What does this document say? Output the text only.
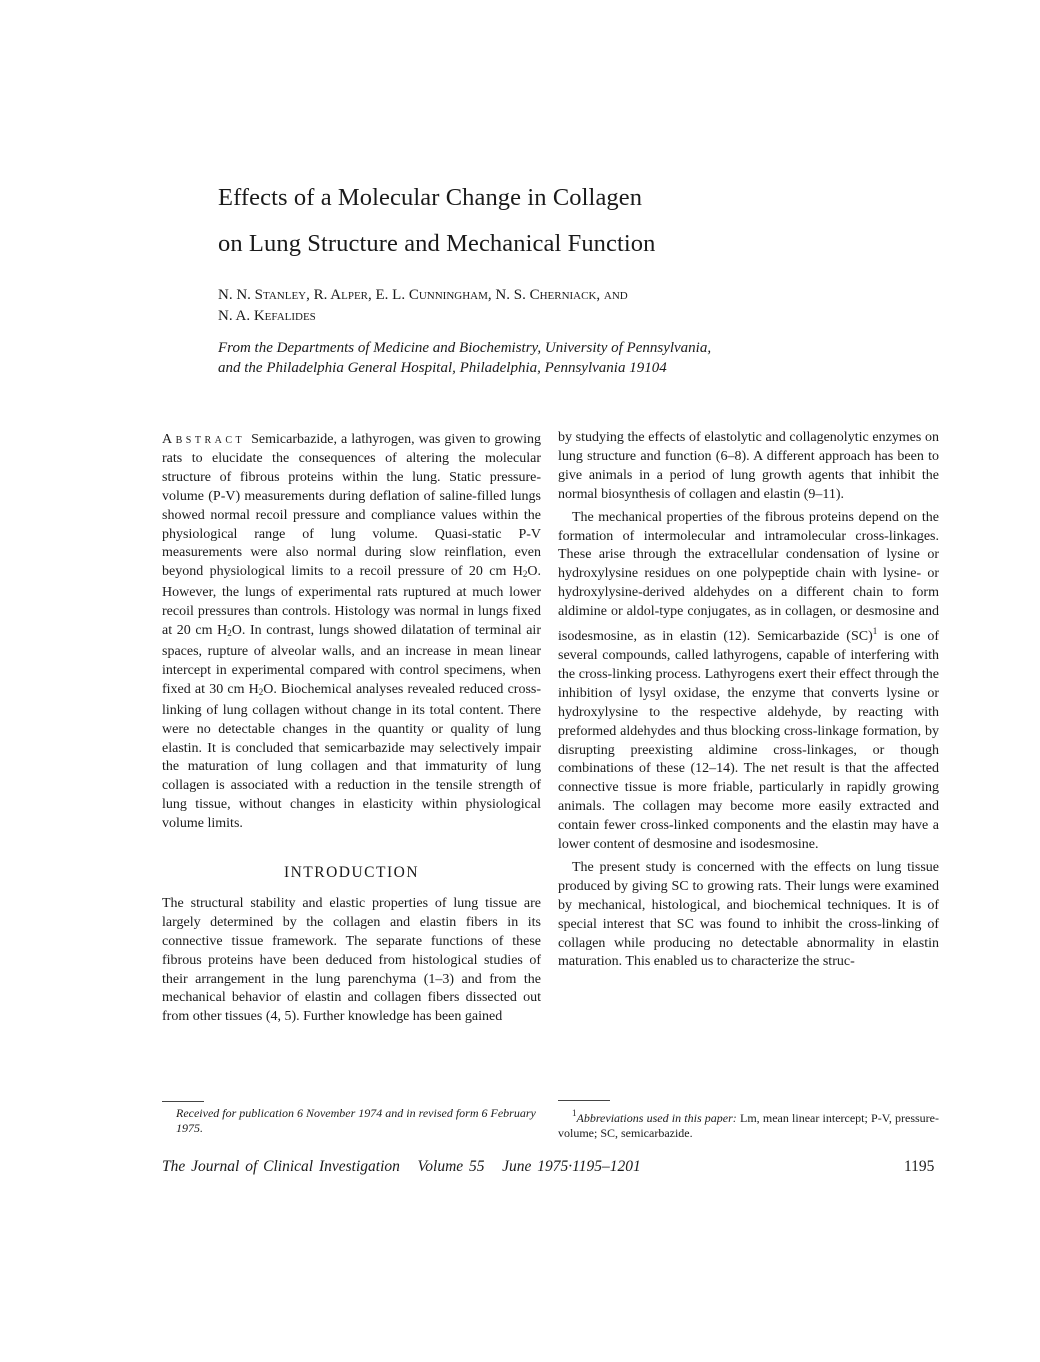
Effects of a Molecular Change in Collagen
on Lung Structure and Mechanical Function
N. N. Stanley, R. Alper, E. L. Cunningham, N. S. Cherniack, and
N. A. Kefalides
From the Departments of Medicine and Biochemistry, University of Pennsylvania,
and the Philadelphia General Hospital, Philadelphia, Pennsylvania 19104

Abstract Semicarbazide, a lathyrogen, was given to growing rats to elucidate the consequences of altering the molecular structure of fibrous proteins within the lung. Static pressure-volume (P-V) measurements during deflation of saline-filled lungs showed normal recoil pressure and compliance values within the physiological range of lung volume. Quasi-static P-V measurements were also normal during slow reinflation, even beyond physiological limits to a recoil pressure of 20 cm $H_2O$. However, the lungs of experimental rats ruptured at much lower recoil pressures than controls. Histology was normal in lungs fixed at 20 cm $H_2O$. In contrast, lungs showed dilatation of terminal air spaces, rupture of alveolar walls, and an increase in mean linear intercept in experimental compared with control specimens, when fixed at 30 cm $H_2O$. Biochemical analyses revealed reduced cross-linking of lung collagen without change in its total content. There were no detectable changes in the quantity or quality of lung elastin. It is concluded that semicarbazide may selectively impair the maturation of lung collagen and that immaturity of lung collagen is associated with a reduction in the tensile strength of lung tissue, without changes in elasticity within physiological volume limits.

INTRODUCTION

The structural stability and elastic properties of lung tissue are largely determined by the collagen and elastin fibers in its connective tissue framework. The separate functions of these fibrous proteins have been deduced from histological studies of their arrangement in the lung parenchyma (1–3) and from the mechanical behavior of elastin and collagen fibers dissected out from other tissues (4, 5). Further knowledge has been gained

by studying the effects of elastolytic and collagenolytic enzymes on lung structure and function (6–8). A different approach has been to give animals in a period of lung growth agents that inhibit the normal biosynthesis of collagen and elastin (9–11).

The mechanical properties of the fibrous proteins depend on the formation of intermolecular and intramolecular cross-linkages. These arise through the extracellular condensation of lysine or hydroxylysine residues on one polypeptide chain with lysine- or hydroxylysine-derived aldehydes on a different chain to form aldimine or aldol-type conjugates, as in collagen, or desmosine and isodesmosine, as in elastin (12). Semicarbazide (SC)$^1$ is one of several compounds, called lathyrogens, capable of interfering with the cross-linking process. Lathyrogens exert their effect through the inhibition of lysyl oxidase, the enzyme that converts lysine or hydroxylysine to the respective aldehyde, by reacting with preformed aldehydes and thus blocking cross-linkage formation, by disrupting preexisting aldimine cross-linkages, or though combinations of these (12–14). The net result is that the affected connective tissue is more friable, particularly in rapidly growing animals. The collagen may become more easily extracted and contain fewer cross-linked components and the elastin may have a lower content of desmosine and isodesmosine.

The present study is concerned with the effects on lung tissue produced by giving SC to growing rats. Their lungs were examined by mechanical, histological, and biochemical techniques. It is of special interest that SC was found to inhibit the cross-linking of collagen while producing no detectable abnormality in elastin maturation. This enabled us to characterize the struc-

Received for publication 6 November 1974 and in revised form 6 February 1975.
$^1$Abbreviations used in this paper: Lm, mean linear intercept; P-V, pressure-volume; SC, semicarbazide.
The Journal of Clinical Investigation   Volume 55   June 1975·1195–1201	1195
